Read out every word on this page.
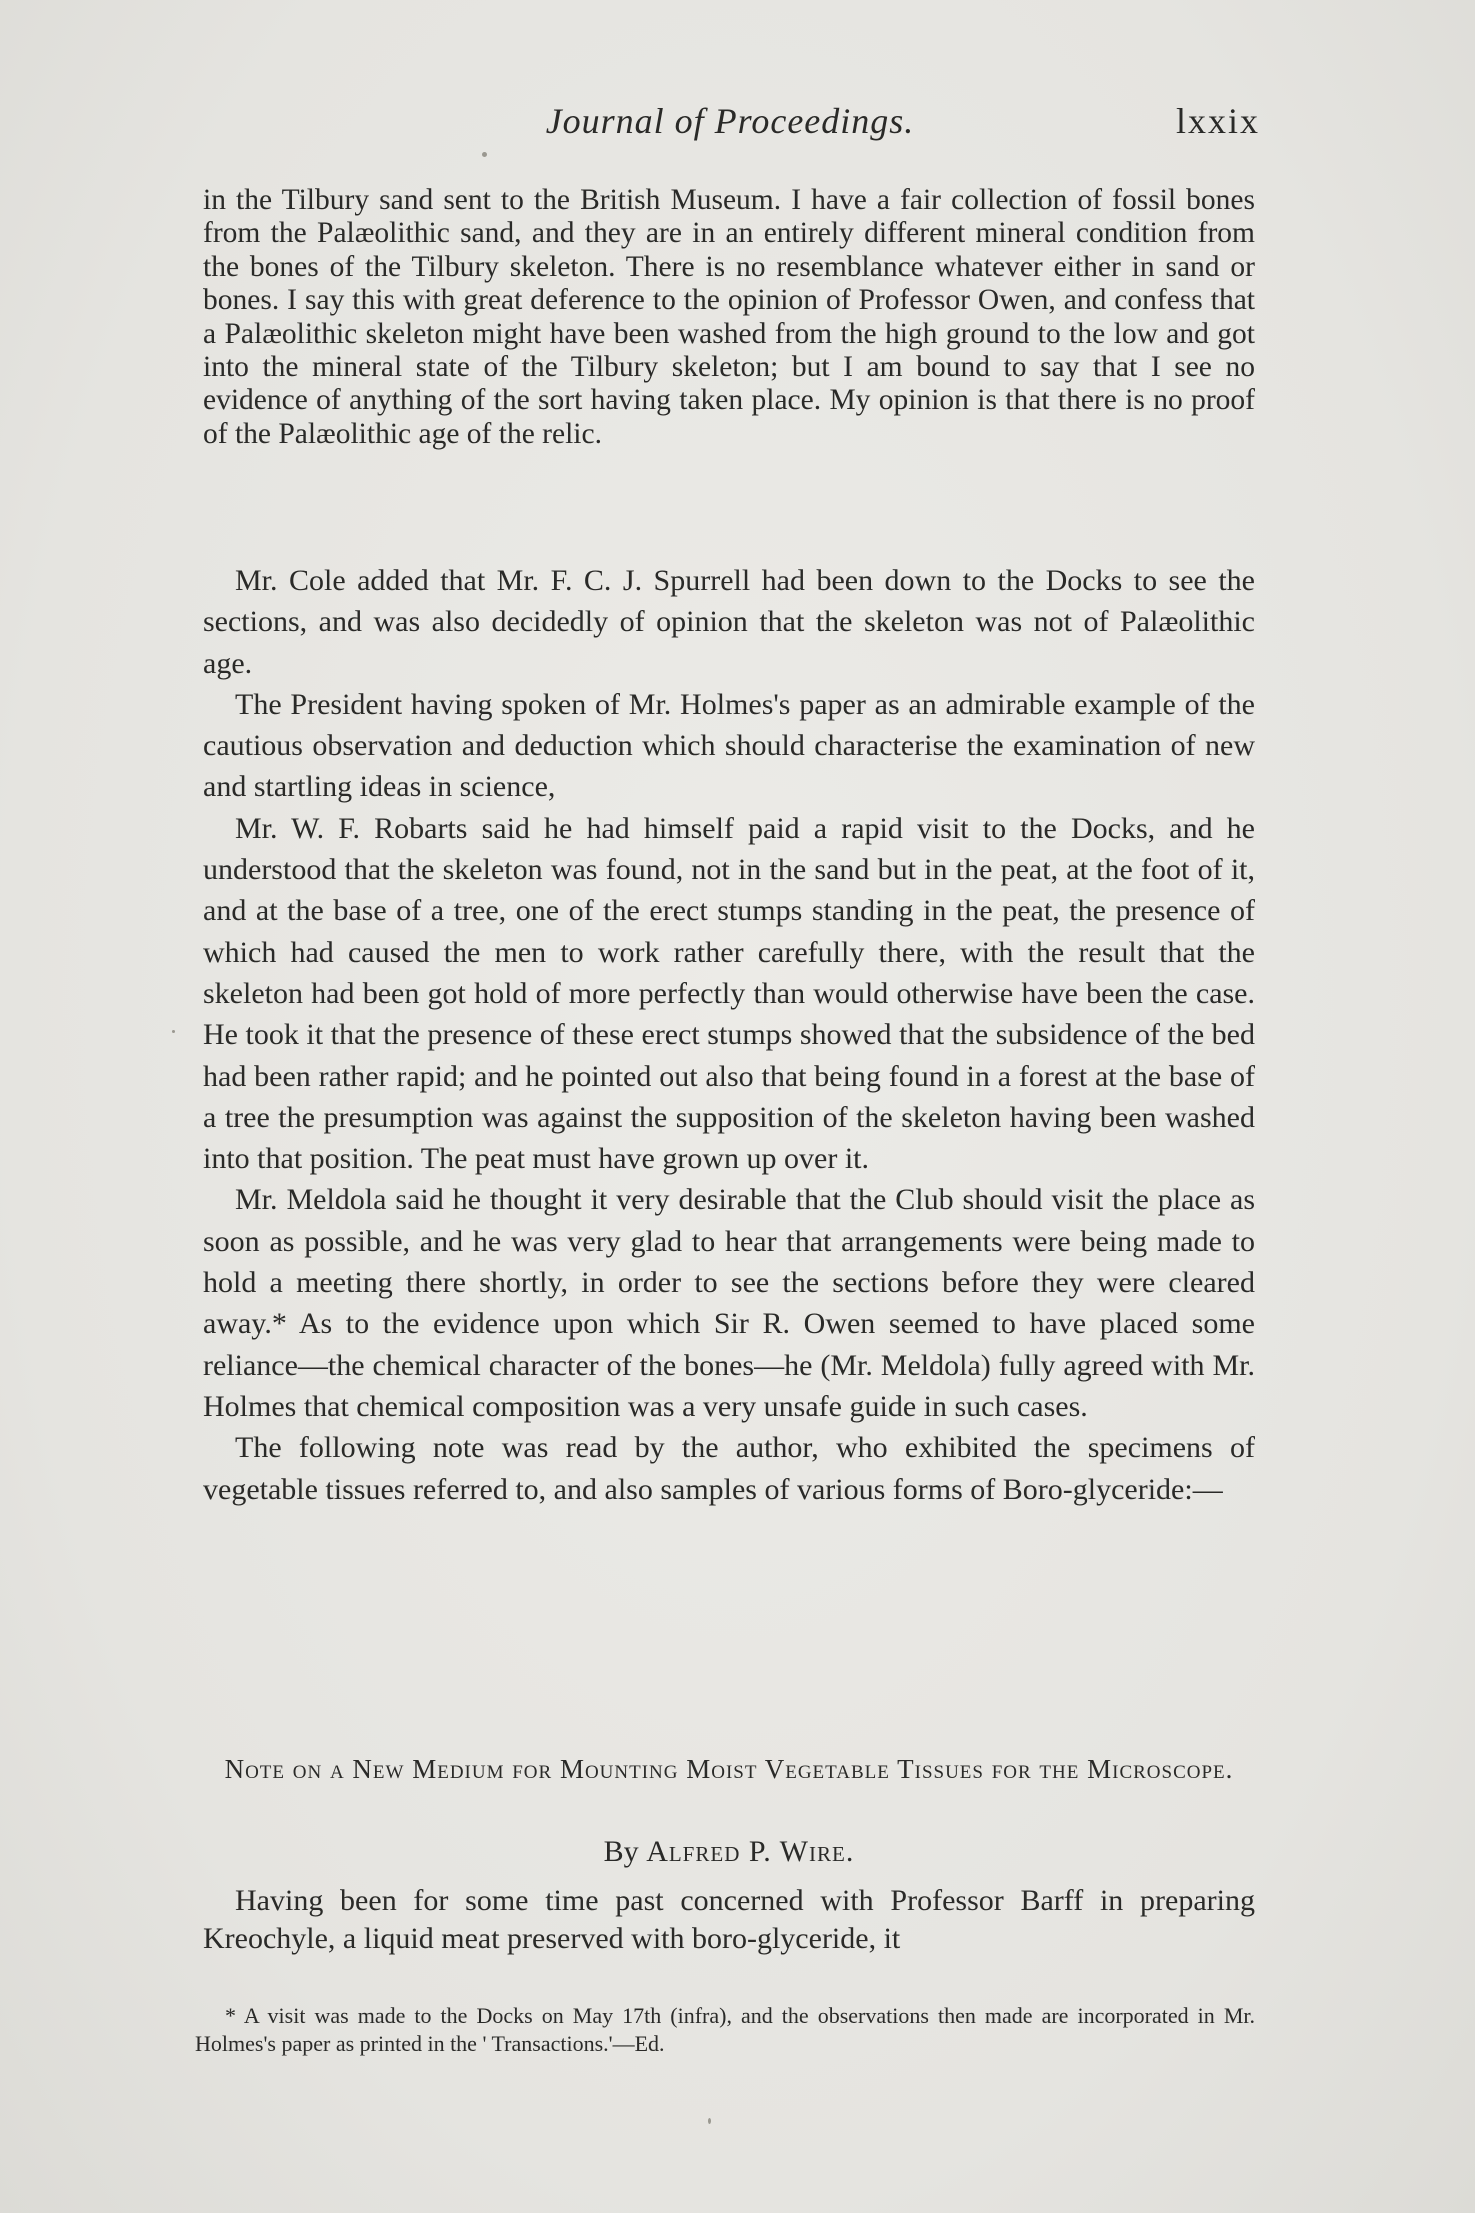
Journal of Proceedings.	lxxix

in the Tilbury sand sent to the British Museum. I have a fair collection of fossil bones from the Palæolithic sand, and they are in an entirely different mineral condition from the bones of the Tilbury skeleton. There is no resemblance whatever either in sand or bones. I say this with great deference to the opinion of Professor Owen, and confess that a Palæolithic skeleton might have been washed from the high ground to the low and got into the mineral state of the Tilbury skeleton; but I am bound to say that I see no evidence of anything of the sort having taken place. My opinion is that there is no proof of the Palæolithic age of the relic.

Mr. Cole added that Mr. F. C. J. Spurrell had been down to the Docks to see the sections, and was also decidedly of opinion that the skeleton was not of Palæolithic age.

The President having spoken of Mr. Holmes's paper as an admirable example of the cautious observation and deduction which should characterise the examination of new and startling ideas in science,

Mr. W. F. Robarts said he had himself paid a rapid visit to the Docks, and he understood that the skeleton was found, not in the sand but in the peat, at the foot of it, and at the base of a tree, one of the erect stumps standing in the peat, the presence of which had caused the men to work rather carefully there, with the result that the skeleton had been got hold of more perfectly than would otherwise have been the case. He took it that the presence of these erect stumps showed that the subsidence of the bed had been rather rapid; and he pointed out also that being found in a forest at the base of a tree the presumption was against the supposition of the skeleton having been washed into that position. The peat must have grown up over it.

Mr. Meldola said he thought it very desirable that the Club should visit the place as soon as possible, and he was very glad to hear that arrangements were being made to hold a meeting there shortly, in order to see the sections before they were cleared away.* As to the evidence upon which Sir R. Owen seemed to have placed some reliance—the chemical character of the bones—he (Mr. Meldola) fully agreed with Mr. Holmes that chemical composition was a very unsafe guide in such cases.

The following note was read by the author, who exhibited the specimens of vegetable tissues referred to, and also samples of various forms of Boro-glyceride:—

Note on a New Medium for Mounting Moist Vegetable Tissues for the Microscope.
By Alfred P. Wire.

Having been for some time past concerned with Professor Barff in preparing Kreochyle, a liquid meat preserved with boro-glyceride, it

* A visit was made to the Docks on May 17th (infra), and the observations then made are incorporated in Mr. Holmes's paper as printed in the ' Transactions.'—Ed.
